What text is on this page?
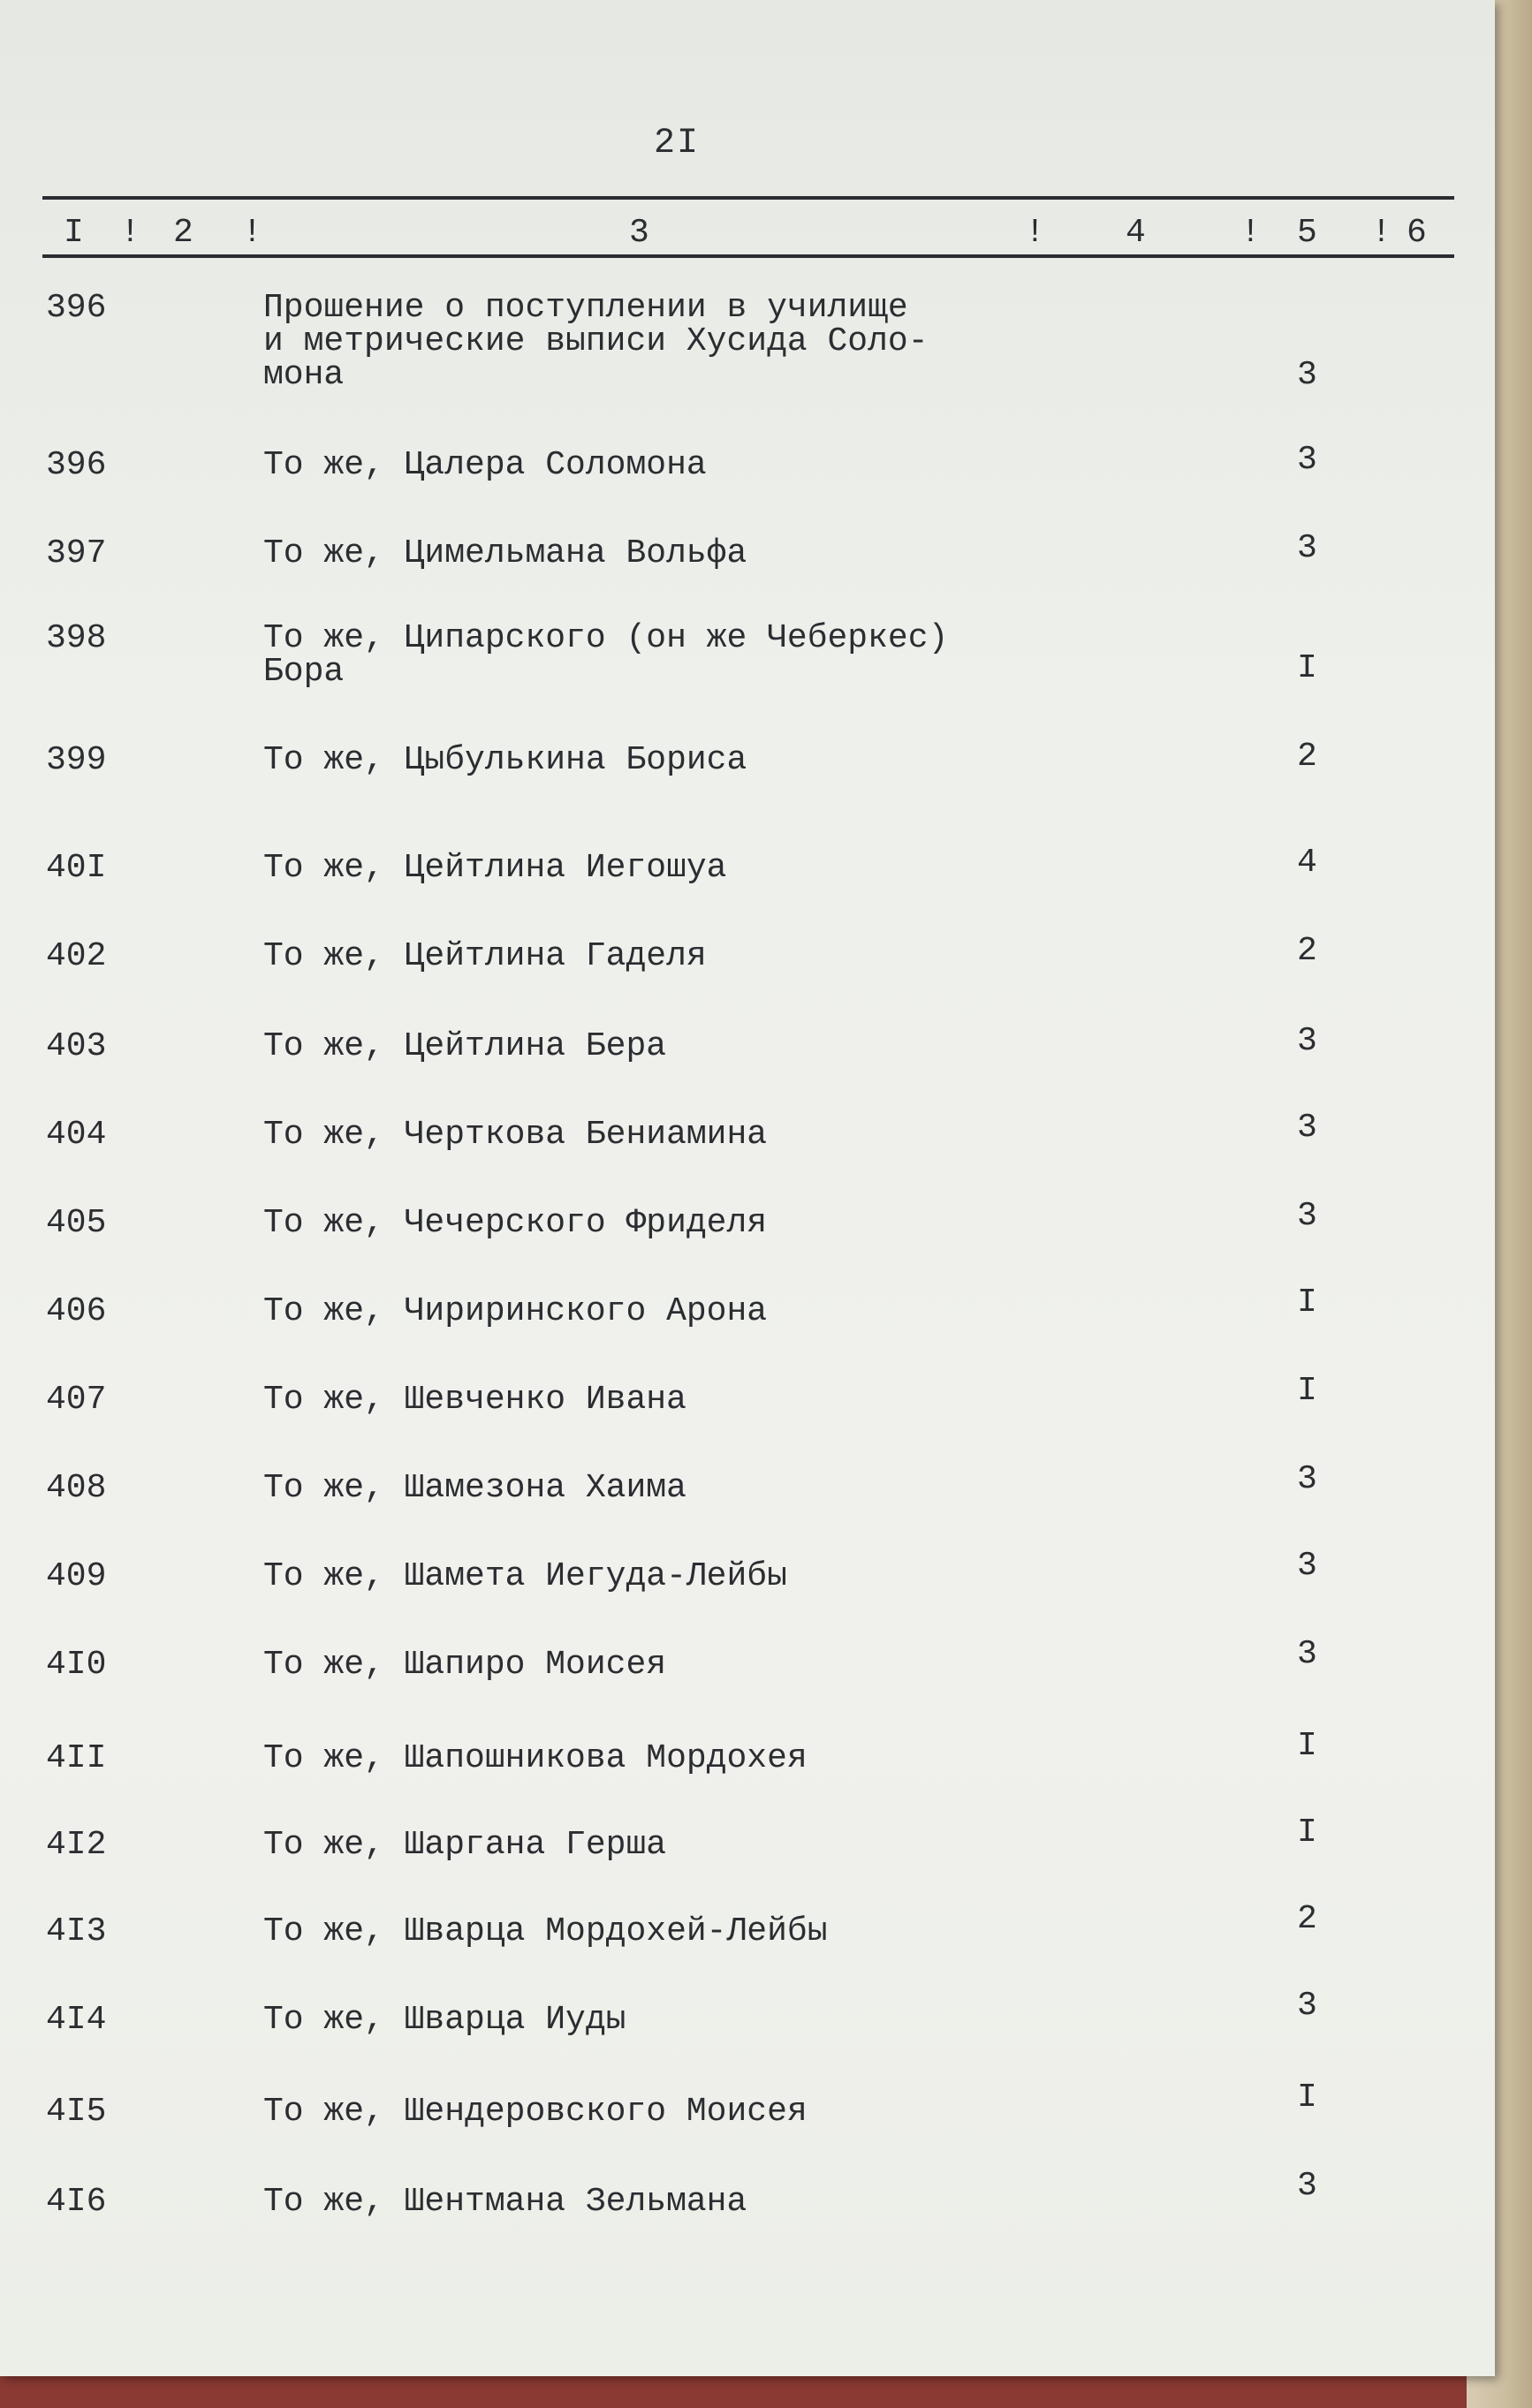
2I
I ! 2 !	3	! 4	! 5 ! 6
396	Прошение о поступлении в училище
и метрические выписи Хусида Соло-
мона	3
396	То же, Цалера Соломона	3
397	То же, Цимельмана Вольфа	3
398	То же, Ципарского (он же Чеберкес)
Бора	I
399	То же, Цыбулькина Бориса	2
40I	То же, Цейтлина Иегошуа	4
402	То же, Цейтлина Гаделя	2
403	То же, Цейтлина Бера	3
404	То же, Черткова Бениамина	3
405	То же, Чечерского Фриделя	3
406	То же, Чириринского Арона	I
407	То же, Шевченко Ивана	I
408	То же, Шамезона Хаима	3
409	То же, Шамета Иегуда-Лейбы	3
4I0	То же, Шапиро Моисея	3
4II	То же, Шапошникова Мордохея	I
4I2	То же, Шаргана Герша	I
4I3	То же, Шварца Мордохей-Лейбы	2
4I4	То же, Шварца Иуды	3
4I5	То же, Шендеровского Моисея	I
4I6	То же, Шентмана Зельмана	3
